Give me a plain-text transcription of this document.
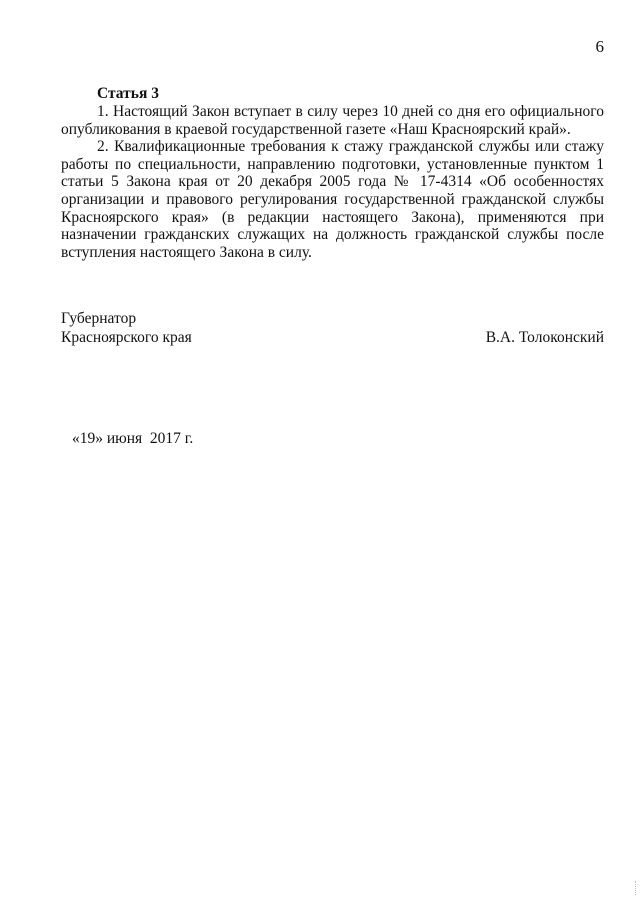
6
Статья 3

1. Настоящий Закон вступает в силу через 10 дней со дня его официального опубликования в краевой государственной газете «Наш Красноярский край».

2. Квалификационные требования к стажу гражданской службы или стажу работы по специальности, направлению подготовки, установленные пунктом 1 статьи 5 Закона края от 20 декабря 2005 года № 17-4314 «Об особенностях организации и правового регулирования государственной гражданской службы Красноярского края» (в редакции настоящего Закона), применяются при назначении гражданских служащих на должность гражданской службы после вступления настоящего Закона в силу.

Губернатор
Красноярского края	В.А. Толоконский
«19» июня  2017 г.
